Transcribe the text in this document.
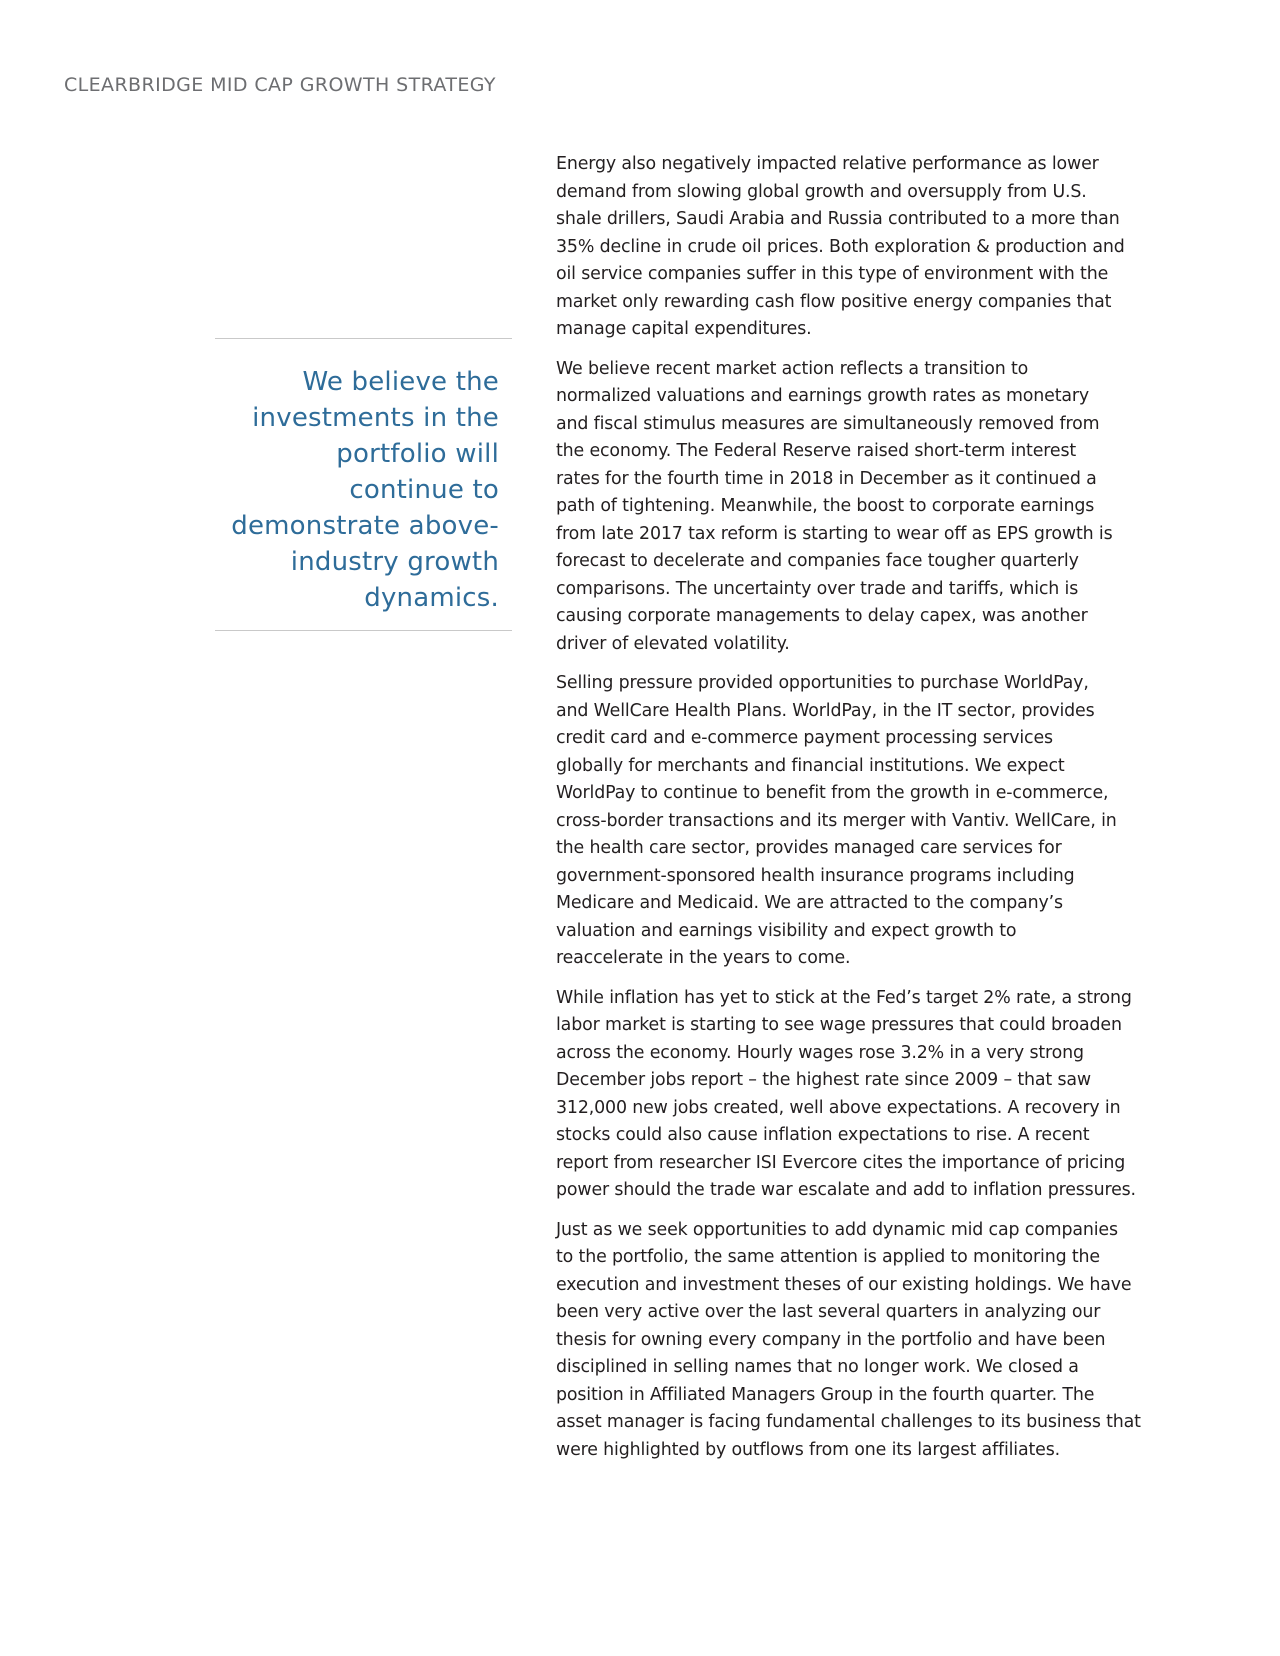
CLEARBRIDGE MID CAP GROWTH STRATEGY

We believe the
investments in the
portfolio will
continue to
demonstrate above-
industry growth
dynamics.

Energy also negatively impacted relative performance as lower
demand from slowing global growth and oversupply from U.S.
shale drillers, Saudi Arabia and Russia contributed to a more than
35% decline in crude oil prices. Both exploration & production and
oil service companies suffer in this type of environment with the
market only rewarding cash flow positive energy companies that
manage capital expenditures.

We believe recent market action reflects a transition to
normalized valuations and earnings growth rates as monetary
and fiscal stimulus measures are simultaneously removed from
the economy. The Federal Reserve raised short-term interest
rates for the fourth time in 2018 in December as it continued a
path of tightening. Meanwhile, the boost to corporate earnings
from late 2017 tax reform is starting to wear off as EPS growth is
forecast to decelerate and companies face tougher quarterly
comparisons. The uncertainty over trade and tariffs, which is
causing corporate managements to delay capex, was another
driver of elevated volatility.

Selling pressure provided opportunities to purchase WorldPay,
and WellCare Health Plans. WorldPay, in the IT sector, provides
credit card and e-commerce payment processing services
globally for merchants and financial institutions. We expect
WorldPay to continue to benefit from the growth in e-commerce,
cross-border transactions and its merger with Vantiv. WellCare, in
the health care sector, provides managed care services for
government-sponsored health insurance programs including
Medicare and Medicaid. We are attracted to the company’s
valuation and earnings visibility and expect growth to
reaccelerate in the years to come.

While inflation has yet to stick at the Fed’s target 2% rate, a strong
labor market is starting to see wage pressures that could broaden
across the economy. Hourly wages rose 3.2% in a very strong
December jobs report – the highest rate since 2009 – that saw
312,000 new jobs created, well above expectations. A recovery in
stocks could also cause inflation expectations to rise. A recent
report from researcher ISI Evercore cites the importance of pricing
power should the trade war escalate and add to inflation pressures.

Just as we seek opportunities to add dynamic mid cap companies
to the portfolio, the same attention is applied to monitoring the
execution and investment theses of our existing holdings. We have
been very active over the last several quarters in analyzing our
thesis for owning every company in the portfolio and have been
disciplined in selling names that no longer work. We closed a
position in Affiliated Managers Group in the fourth quarter. The
asset manager is facing fundamental challenges to its business that
were highlighted by outflows from one its largest affiliates.
